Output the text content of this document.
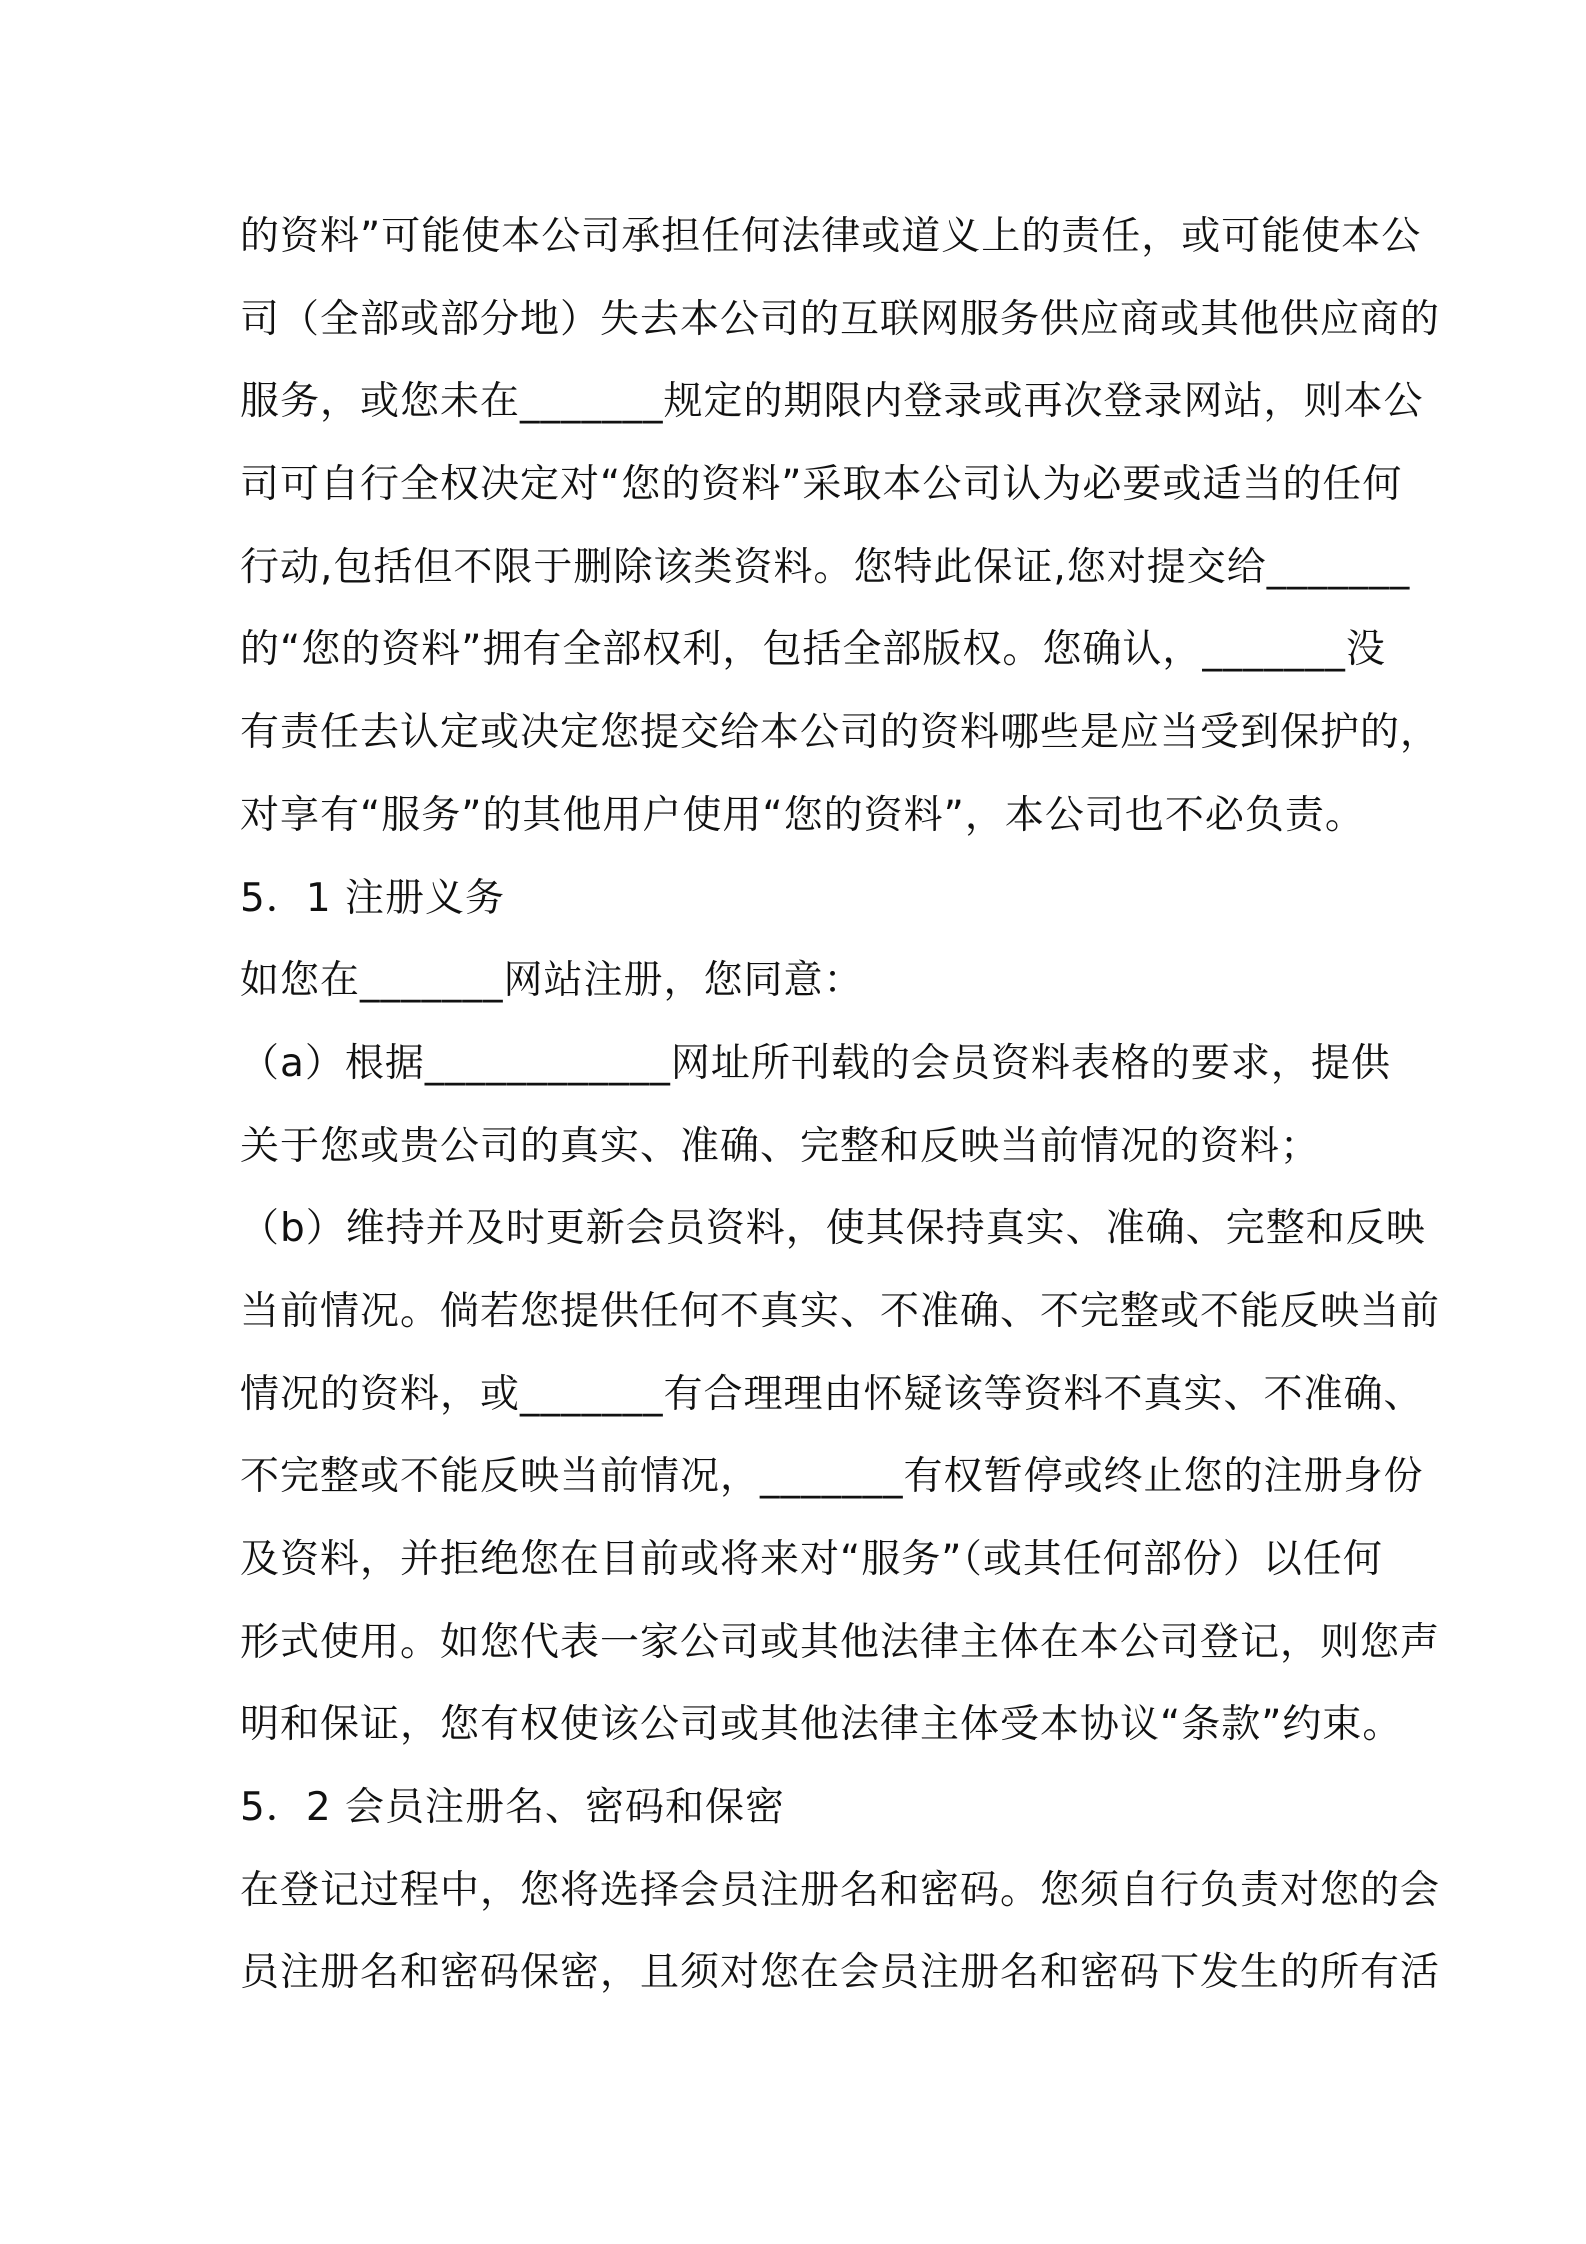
的资料”可能使本公司承担任何法律或道义上的责任，或可能使本公
司（全部或部分地）失去本公司的互联网服务供应商或其他供应商的
服务，或您未在_______规定的期限内登录或再次登录网站，则本公
司可自行全权决定对“您的资料”采取本公司认为必要或适当的任何
行动,包括但不限于删除该类资料。您特此保证,您对提交给_______
的“您的资料”拥有全部权利，包括全部版权。您确认，_______没
有责任去认定或决定您提交给本公司的资料哪些是应当受到保护的，
对享有“服务”的其他用户使用“您的资料”，本公司也不必负责。
5．1 注册义务
如您在_______网站注册，您同意：
（a）根据____________网址所刊载的会员资料表格的要求，提供
关于您或贵公司的真实、准确、完整和反映当前情况的资料；
（b）维持并及时更新会员资料，使其保持真实、准确、完整和反映
当前情况。倘若您提供任何不真实、不准确、不完整或不能反映当前
情况的资料，或_______有合理理由怀疑该等资料不真实、不准确、
不完整或不能反映当前情况，_______有权暂停或终止您的注册身份
及资料，并拒绝您在目前或将来对“服务”（或其任何部份）以任何
形式使用。如您代表一家公司或其他法律主体在本公司登记，则您声
明和保证，您有权使该公司或其他法律主体受本协议“条款”约束。
5．2 会员注册名、密码和保密
在登记过程中，您将选择会员注册名和密码。您须自行负责对您的会
员注册名和密码保密，且须对您在会员注册名和密码下发生的所有活
